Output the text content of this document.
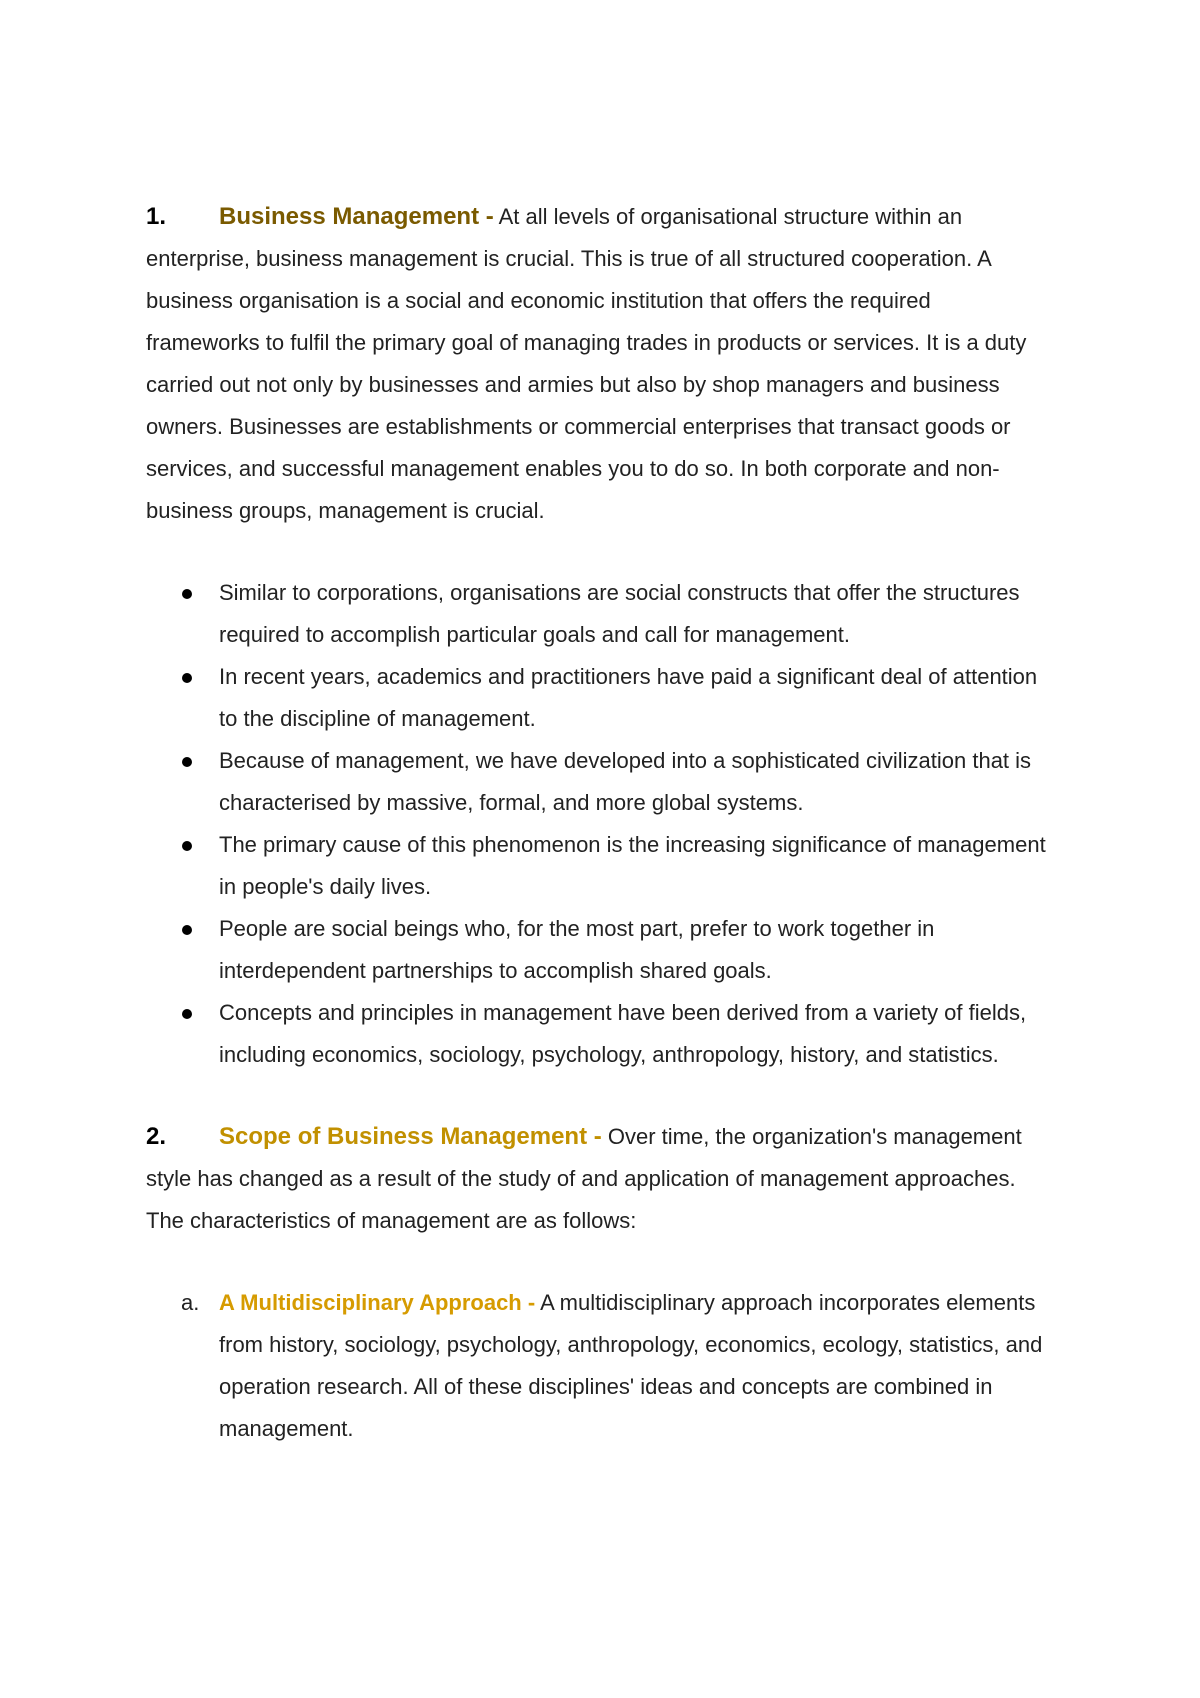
1. Business Management - At all levels of organisational structure within an enterprise, business management is crucial. This is true of all structured cooperation. A business organisation is a social and economic institution that offers the required frameworks to fulfil the primary goal of managing trades in products or services. It is a duty carried out not only by businesses and armies but also by shop managers and business owners. Businesses are establishments or commercial enterprises that transact goods or services, and successful management enables you to do so. In both corporate and non-business groups, management is crucial.

Similar to corporations, organisations are social constructs that offer the structures required to accomplish particular goals and call for management.
In recent years, academics and practitioners have paid a significant deal of attention to the discipline of management.
Because of management, we have developed into a sophisticated civilization that is characterised by massive, formal, and more global systems.
The primary cause of this phenomenon is the increasing significance of management in people's daily lives.
People are social beings who, for the most part, prefer to work together in interdependent partnerships to accomplish shared goals.
Concepts and principles in management have been derived from a variety of fields, including economics, sociology, psychology, anthropology, history, and statistics.

2. Scope of Business Management - Over time, the organization's management style has changed as a result of the study of and application of management approaches. The characteristics of management are as follows:

a. A Multidisciplinary Approach - A multidisciplinary approach incorporates elements from history, sociology, psychology, anthropology, economics, ecology, statistics, and operation research. All of these disciplines' ideas and concepts are combined in management.
